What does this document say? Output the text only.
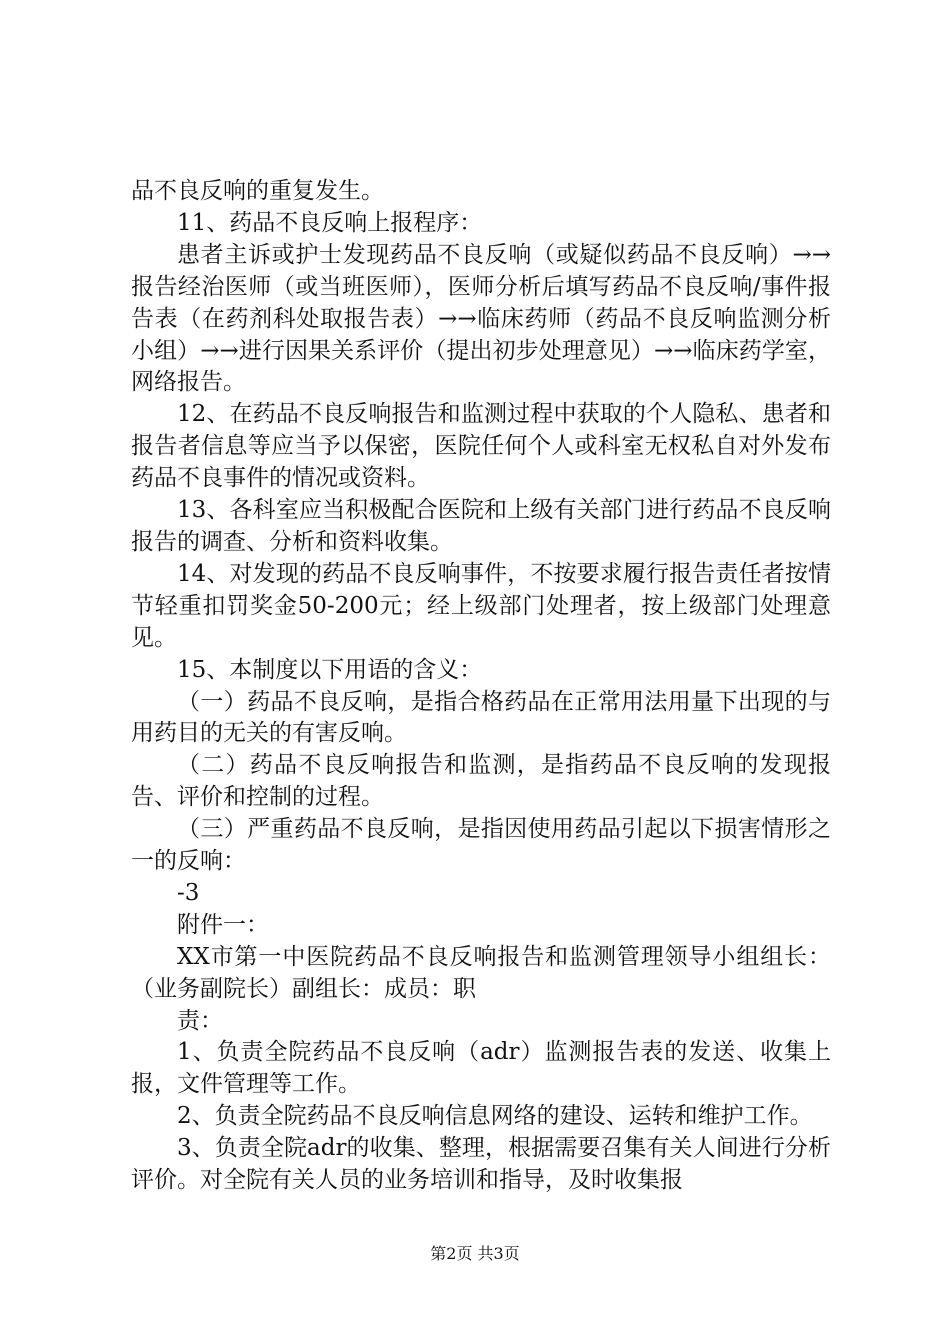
品不良反响的重复发生。

11、药品不良反响上报程序：

患者主诉或护士发现药品不良反响（或疑似药品不良反响）→→报告经治医师（或当班医师），医师分析后填写药品不良反响/事件报告表（在药剂科处取报告表）→→临床药师（药品不良反响监测分析小组）→→进行因果关系评价（提出初步处理意见）→→临床药学室，网络报告。

12、在药品不良反响报告和监测过程中获取的个人隐私、患者和报告者信息等应当予以保密，医院任何个人或科室无权私自对外发布药品不良事件的情况或资料。

13、各科室应当积极配合医院和上级有关部门进行药品不良反响报告的调查、分析和资料收集。

14、对发现的药品不良反响事件，不按要求履行报告责任者按情节轻重扣罚奖金50-200元；经上级部门处理者，按上级部门处理意见。

15、本制度以下用语的含义：

（一）药品不良反响，是指合格药品在正常用法用量下出现的与用药目的无关的有害反响。

（二）药品不良反响报告和监测，是指药品不良反响的发现报告、评价和控制的过程。

（三）严重药品不良反响，是指因使用药品引起以下损害情形之一的反响：

-3

附件一：

XX市第一中医院药品不良反响报告和监测管理领导小组组长：（业务副院长）副组长：成员：职

责：

1、负责全院药品不良反响（adr）监测报告表的发送、收集上报，文件管理等工作。

2、负责全院药品不良反响信息网络的建设、运转和维护工作。

3、负责全院adr的收集、整理，根据需要召集有关人间进行分析评价。对全院有关人员的业务培训和指导，及时收集报

第2页 共3页
